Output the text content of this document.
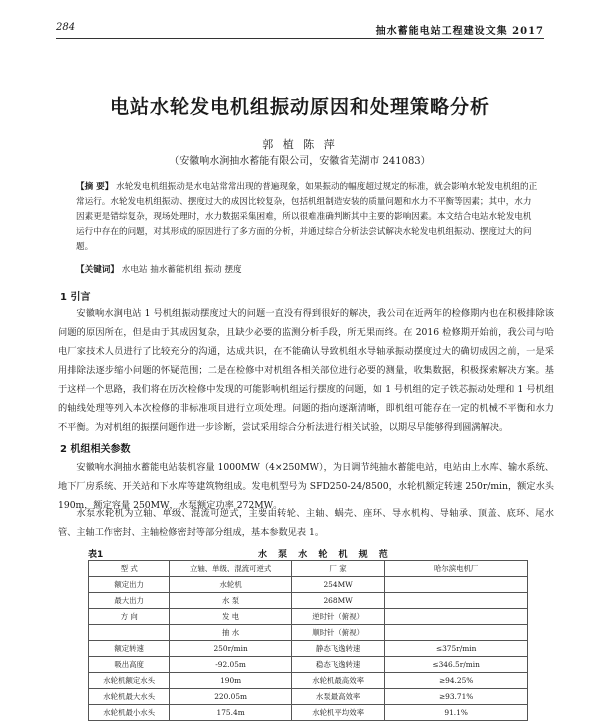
284	抽水蓄能电站工程建设文集 2017
电站水轮发电机组振动原因和处理策略分析
郭 植 陈 萍
（安徽响水涧抽水蓄能有限公司，安徽省芜湖市 241083）
【摘 要】 水轮发电机组振动是水电站常常出现的普遍现象，如果振动的幅度超过规定的标准，就会影响水轮发电机组的正常运行。水轮发电机组振动、摆度过大的成因比较复杂，包括机组制造安装的质量问题和水力不平衡等因素；其中，水力因素更是错综复杂，现场处理时，水力数据采集困难，所以很难准确判断其中主要的影响因素。本文结合电站水轮发电机运行中存在的问题，对其形成的原因进行了多方面的分析，并通过综合分析法尝试解决水轮发电机组振动、摆度过大的问题。
【关键词】 水电站 抽水蓄能机组 振动 摆度
1 引言
安徽响水涧电站 1 号机组振动摆度过大的问题一直没有得到很好的解决，我公司在近两年的检修期内也在积极排除该问题的原因所在，但是由于其成因复杂，且缺少必要的监测分析手段，所无果而终。在 2016 检修期开始前，我公司与哈电厂家技术人员进行了比较充分的沟通，达成共识，在不能确认导致机组水导轴承振动摆度过大的确切成因之前，一是采用排除法逐步缩小问题的怀疑范围；二是在检修中对机组各相关部位进行必要的测量，收集数据，积极探索解决方案。基于这样一个思路，我们将在历次检修中发现的可能影响机组运行摆度的问题，如 1 号机组的定子铁芯振动处理和 1 号机组的轴线处理等列入本次检修的非标准项目进行立项处理。问题的指向逐渐清晰，即机组可能存在一定的机械不平衡和水力不平衡。为对机组的振摆问题作进一步诊断，尝试采用综合分析法进行相关试验，以期尽早能够得到圆满解决。
2 机组相关参数
安徽响水涧抽水蓄能电站装机容量 1000MW（4×250MW），为日调节纯抽水蓄能电站，电站由上水库、输水系统、地下厂房系统、开关站和下水库等建筑物组成。发电机型号为 SFD250-24/8500，水轮机额定转速 250r/min，额定水头 190m，额定容量 250MW，水泵额定功率 272MW。
水泵水轮机为立轴、单级、混流可逆式，主要由转轮、主轴、蜗壳、座环、导水机构、导轴承、顶盖、底环、尾水管、主轴工作密封、主轴检修密封等部分组成，基本参数见表 1。
表1	水 泵 水 轮 机 规 范
型 式	立轴、单级、混流可逆式	厂 家	哈尔滨电机厂
额定出力	水轮机	254MW	
最大出力	水 泵	268MW	
方 向	发 电	逆时针（俯视）	
	抽 水	顺时针（俯视）	
额定转速	250r/min	静态飞逸转速	≤375r/min
吸出高度	-92.05m	稳态飞逸转速	≤346.5r/min
水轮机额定水头	190m	水轮机最高效率	≥94.25%
水轮机最大水头	220.05m	水泵最高效率	≥93.71%
水轮机最小水头	175.4m	水轮机平均效率	91.1%
